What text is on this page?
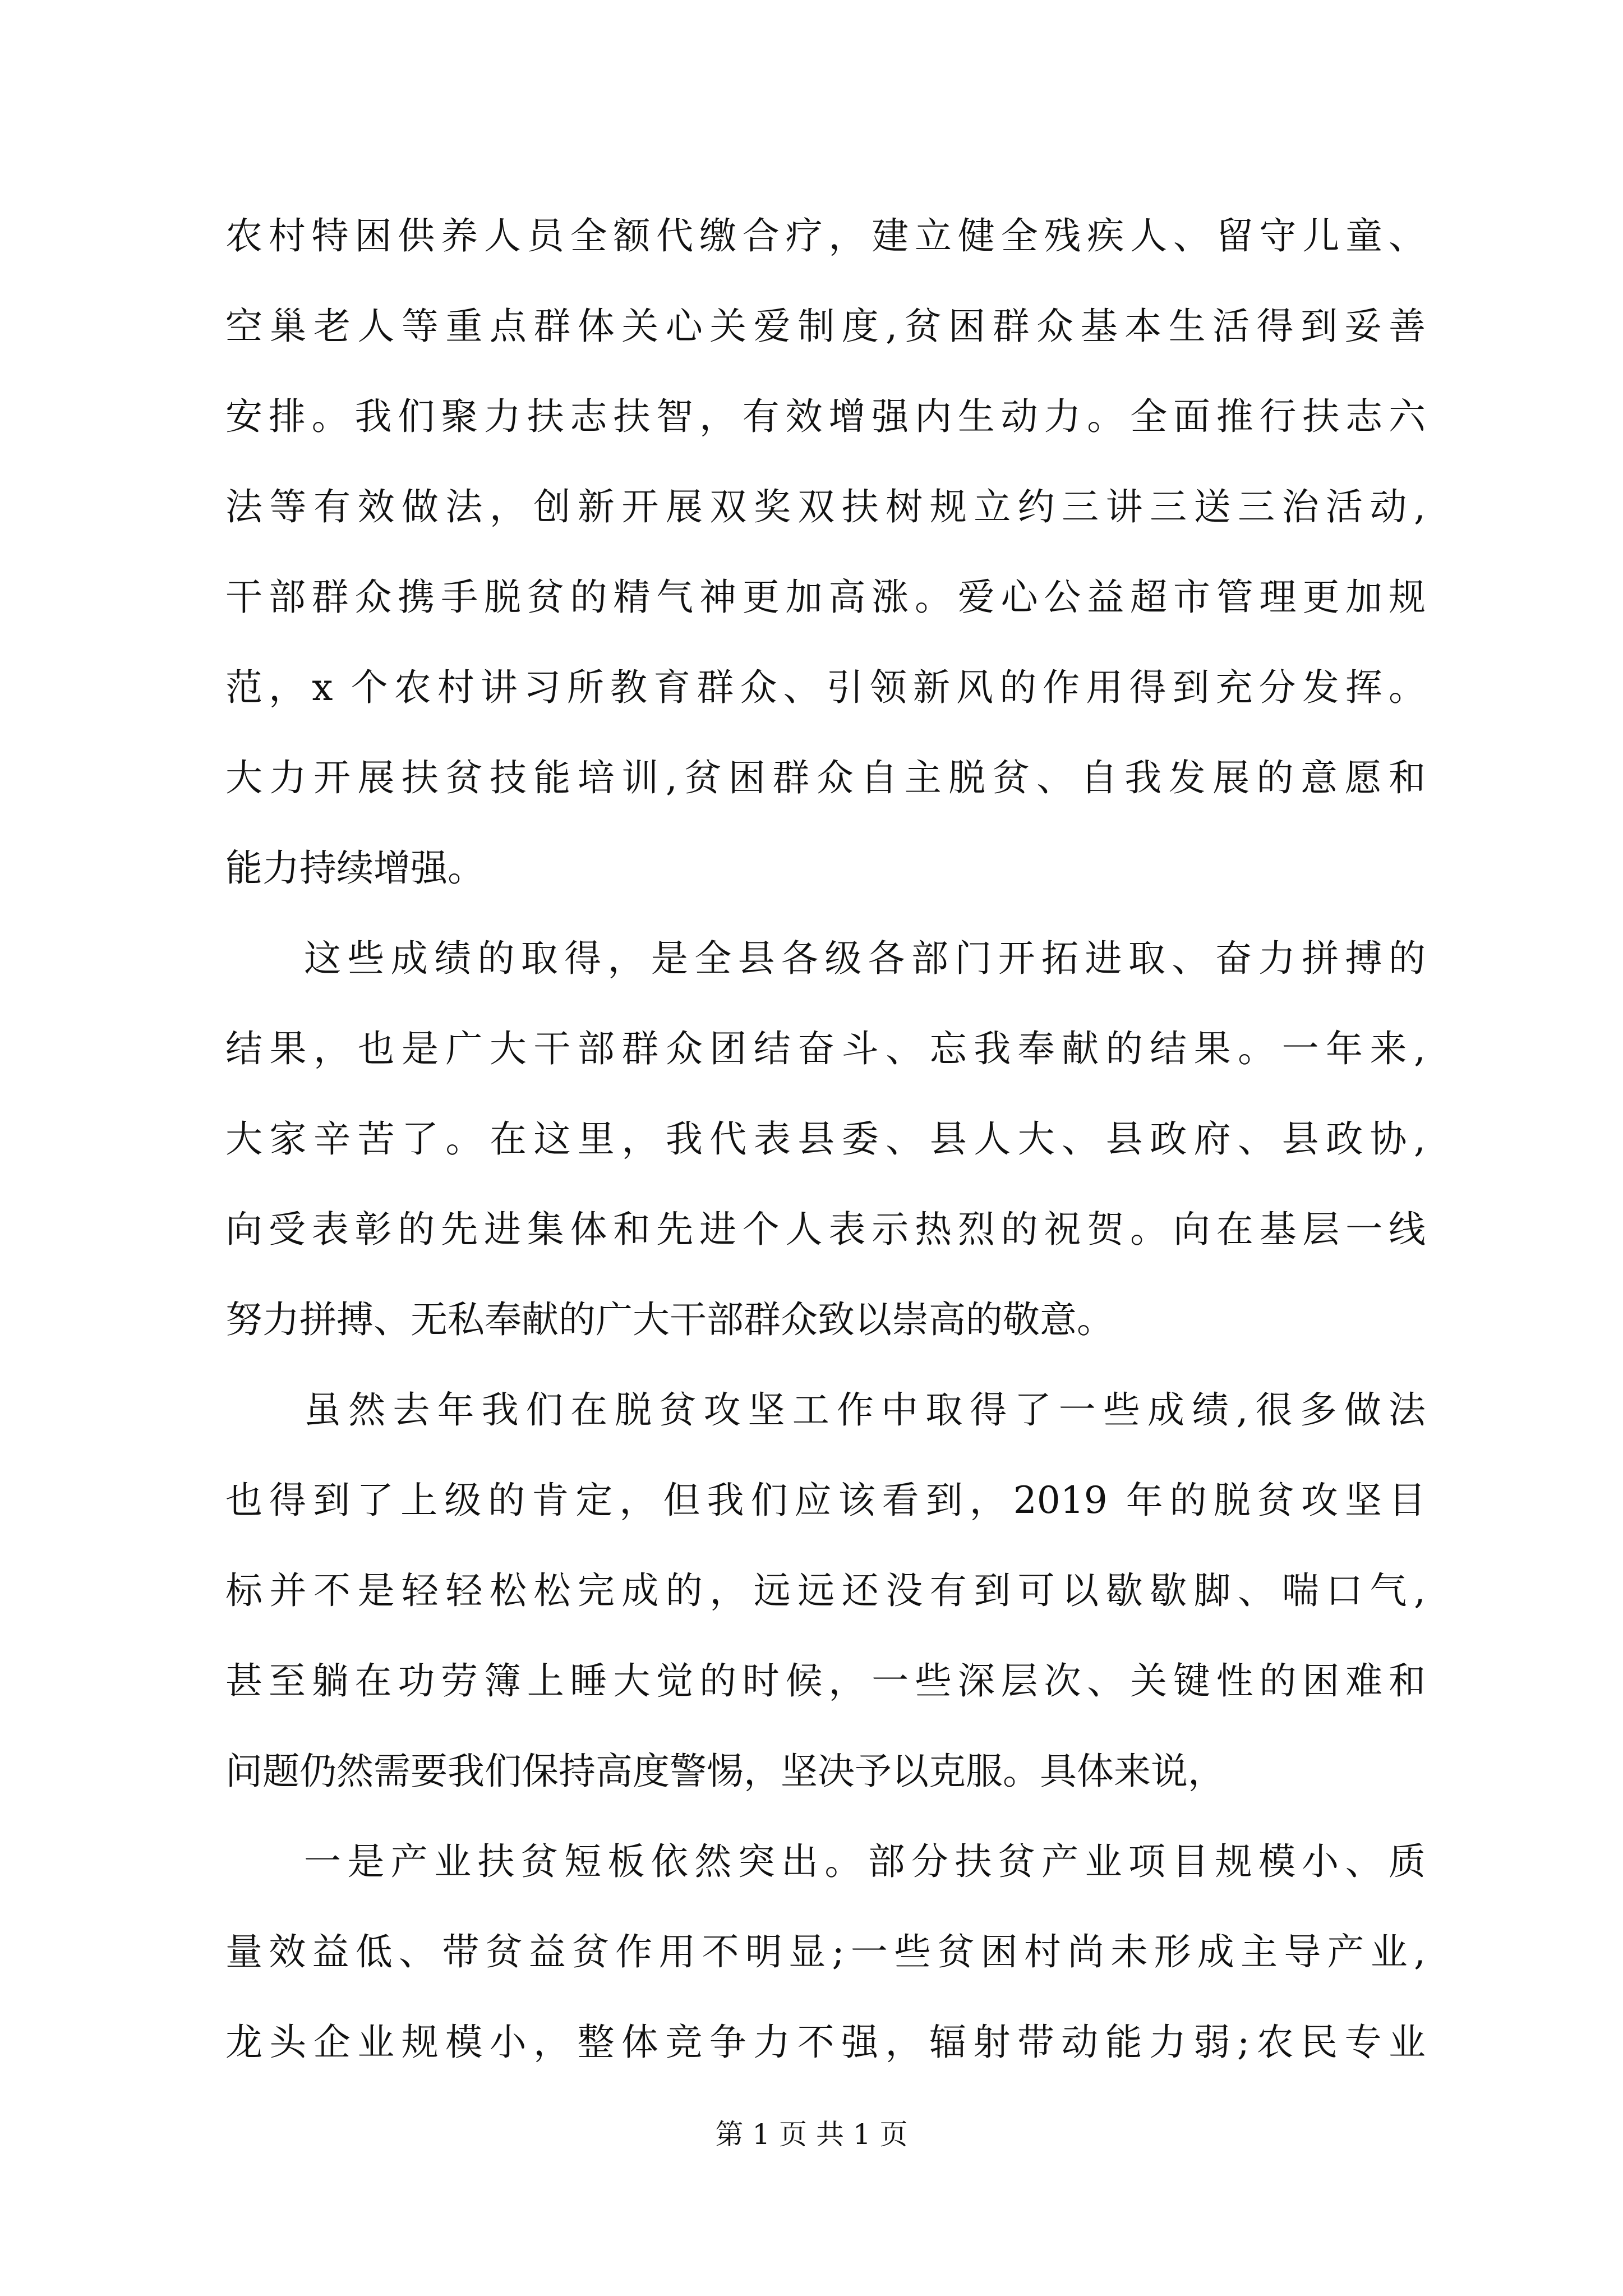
农村特困供养人员全额代缴合疗，建立健全残疾人、留守儿童、
空巢老人等重点群体关心关爱制度,贫困群众基本生活得到妥善
安排。我们聚力扶志扶智，有效增强内生动力。全面推行扶志六
法等有效做法，创新开展双奖双扶树规立约三讲三送三治活动,
干部群众携手脱贫的精气神更加高涨。爱心公益超市管理更加规
范，x 个农村讲习所教育群众、引领新风的作用得到充分发挥。
大力开展扶贫技能培训,贫困群众自主脱贫、自我发展的意愿和
能力持续增强。
这些成绩的取得，是全县各级各部门开拓进取、奋力拼搏的
结果，也是广大干部群众团结奋斗、忘我奉献的结果。一年来,
大家辛苦了。在这里，我代表县委、县人大、县政府、县政协,
向受表彰的先进集体和先进个人表示热烈的祝贺。向在基层一线
努力拼搏、无私奉献的广大干部群众致以崇高的敬意。
虽然去年我们在脱贫攻坚工作中取得了一些成绩,很多做法
也得到了上级的肯定，但我们应该看到，2019 年的脱贫攻坚目
标并不是轻轻松松完成的，远远还没有到可以歇歇脚、喘口气,
甚至躺在功劳簿上睡大觉的时候，一些深层次、关键性的困难和
问题仍然需要我们保持高度警惕，坚决予以克服。具体来说，
一是产业扶贫短板依然突出。部分扶贫产业项目规模小、质
量效益低、带贫益贫作用不明显;一些贫困村尚未形成主导产业,
龙头企业规模小，整体竞争力不强，辐射带动能力弱;农民专业
第 1 页 共 1 页
